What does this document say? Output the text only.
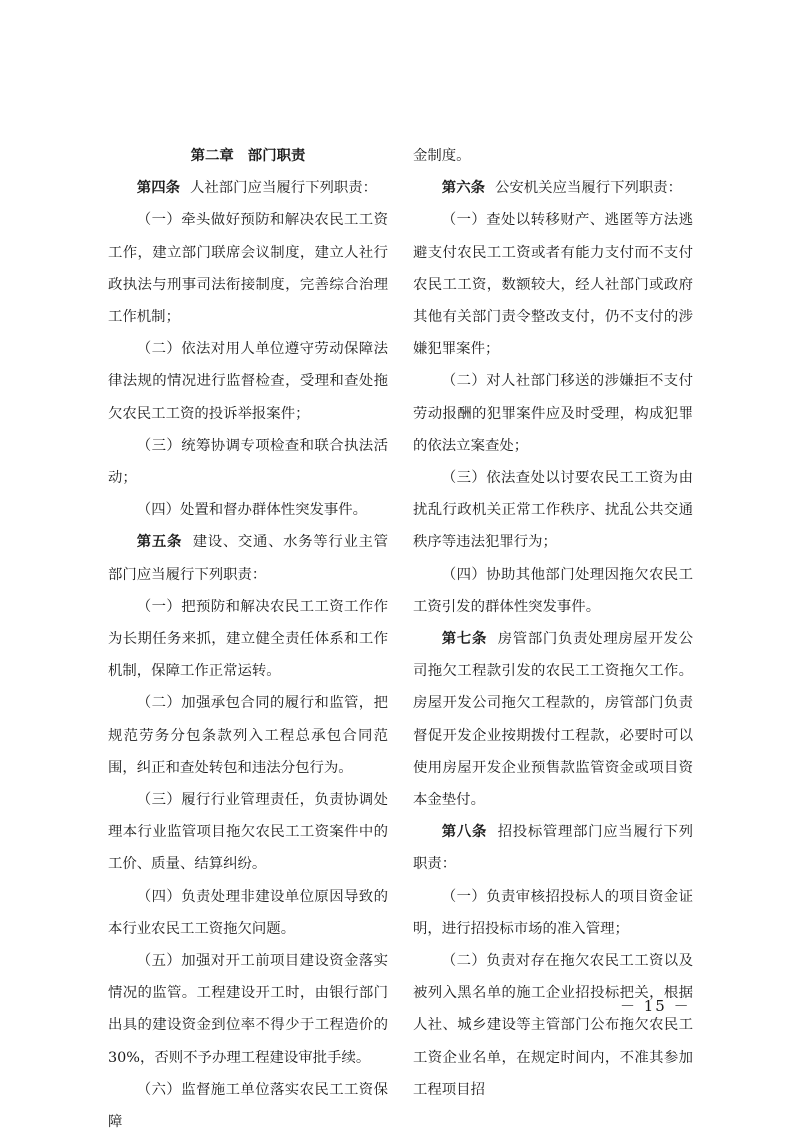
第二章 部门职责

第四条 人社部门应当履行下列职责：

（一）牵头做好预防和解决农民工工资工作，建立部门联席会议制度，建立人社行政执法与刑事司法衔接制度，完善综合治理工作机制；

（二）依法对用人单位遵守劳动保障法律法规的情况进行监督检查，受理和查处拖欠农民工工资的投诉举报案件；

（三）统筹协调专项检查和联合执法活动；

（四）处置和督办群体性突发事件。

第五条 建设、交通、水务等行业主管部门应当履行下列职责：

（一）把预防和解决农民工工资工作作为长期任务来抓，建立健全责任体系和工作机制，保障工作正常运转。

（二）加强承包合同的履行和监管，把规范劳务分包条款列入工程总承包合同范围，纠正和查处转包和违法分包行为。

（三）履行行业管理责任，负责协调处理本行业监管项目拖欠农民工工资案件中的工价、质量、结算纠纷。

（四）负责处理非建设单位原因导致的本行业农民工工资拖欠问题。

（五）加强对开工前项目建设资金落实情况的监管。工程建设开工时，由银行部门出具的建设资金到位率不得少于工程造价的30%，否则不予办理工程建设审批手续。

（六）监督施工单位落实农民工工资保障

金制度。

第六条 公安机关应当履行下列职责：

（一）查处以转移财产、逃匿等方法逃避支付农民工工资或者有能力支付而不支付农民工工资，数额较大，经人社部门或政府其他有关部门责令整改支付，仍不支付的涉嫌犯罪案件；

（二）对人社部门移送的涉嫌拒不支付劳动报酬的犯罪案件应及时受理，构成犯罪的依法立案查处；

（三）依法查处以讨要农民工工资为由扰乱行政机关正常工作秩序、扰乱公共交通秩序等违法犯罪行为；

（四）协助其他部门处理因拖欠农民工工资引发的群体性突发事件。

第七条 房管部门负责处理房屋开发公司拖欠工程款引发的农民工工资拖欠工作。房屋开发公司拖欠工程款的，房管部门负责督促开发企业按期拨付工程款，必要时可以使用房屋开发企业预售款监管资金或项目资本金垫付。

第八条 招投标管理部门应当履行下列职责：

（一）负责审核招投标人的项目资金证明，进行招投标市场的准入管理；

（二）负责对存在拖欠农民工工资以及被列入黑名单的施工企业招投标把关，根据人社、城乡建设等主管部门公布拖欠农民工工资企业名单，在规定时间内，不准其参加工程项目招

－ 15 －
